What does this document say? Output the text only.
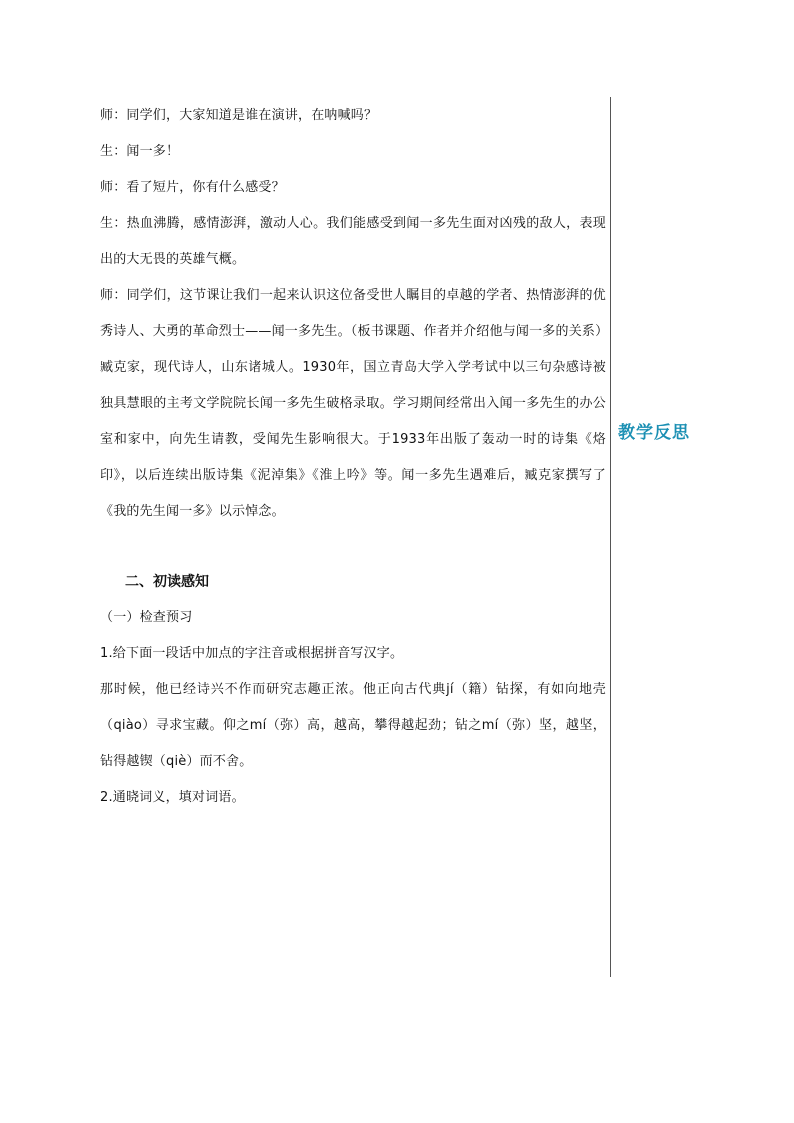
师：同学们，大家知道是谁在演讲，在呐喊吗？

生：闻一多！

师：看了短片，你有什么感受？

生：热血沸腾，感情澎湃，激动人心。我们能感受到闻一多先生面对凶残的敌人，表现出的大无畏的英雄气概。

师：同学们，这节课让我们一起来认识这位备受世人瞩目的卓越的学者、热情澎湃的优秀诗人、大勇的革命烈士——闻一多先生。（板书课题、作者并介绍他与闻一多的关系）

臧克家，现代诗人，山东诸城人。1930年，国立青岛大学入学考试中以三句杂感诗被独具慧眼的主考文学院院长闻一多先生破格录取。学习期间经常出入闻一多先生的办公室和家中，向先生请教，受闻先生影响很大。于1933年出版了轰动一时的诗集《烙印》，以后连续出版诗集《泥淖集》《淮上吟》等。闻一多先生遇难后，臧克家撰写了《我的先生闻一多》以示悼念。

二、初读感知

（一）检查预习

1.给下面一段话中加点的字注音或根据拼音写汉字。

那时候，他已经诗兴不作而研究志趣正浓。他正向古代典jí（籍）钻探，有如向地壳（qiào）寻求宝藏。仰之mí（弥）高，越高，攀得越起劲；钻之mí（弥）坚，越坚，钻得越锲（qiè）而不舍。

2.通晓词义，填对词语。

教学反思
